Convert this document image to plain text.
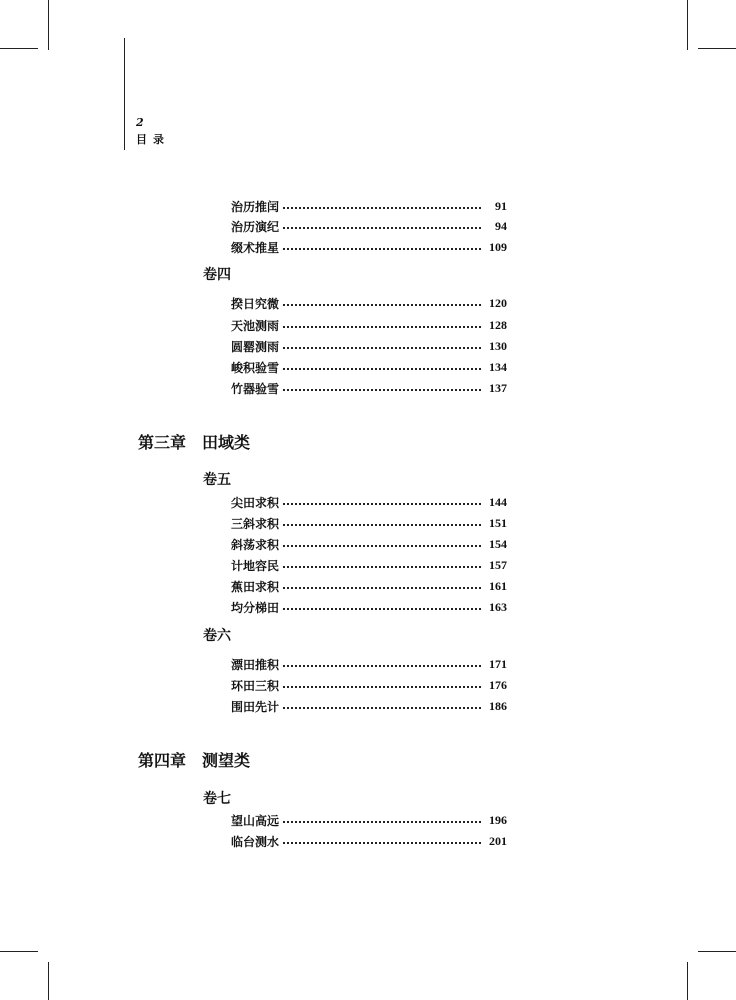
2
目录
治历推闰	91
治历演纪	94
缀术推星	109
卷四
揆日究微	120
天池测雨	128
圆罂测雨	130
峻积验雪	134
竹器验雪	137
第三章 田域类
卷五
尖田求积	144
三斜求积	151
斜荡求积	154
计地容民	157
蕉田求积	161
均分梯田	163
卷六
漂田推积	171
环田三积	176
围田先计	186
第四章 测望类
卷七
望山高远	196
临台测水	201
